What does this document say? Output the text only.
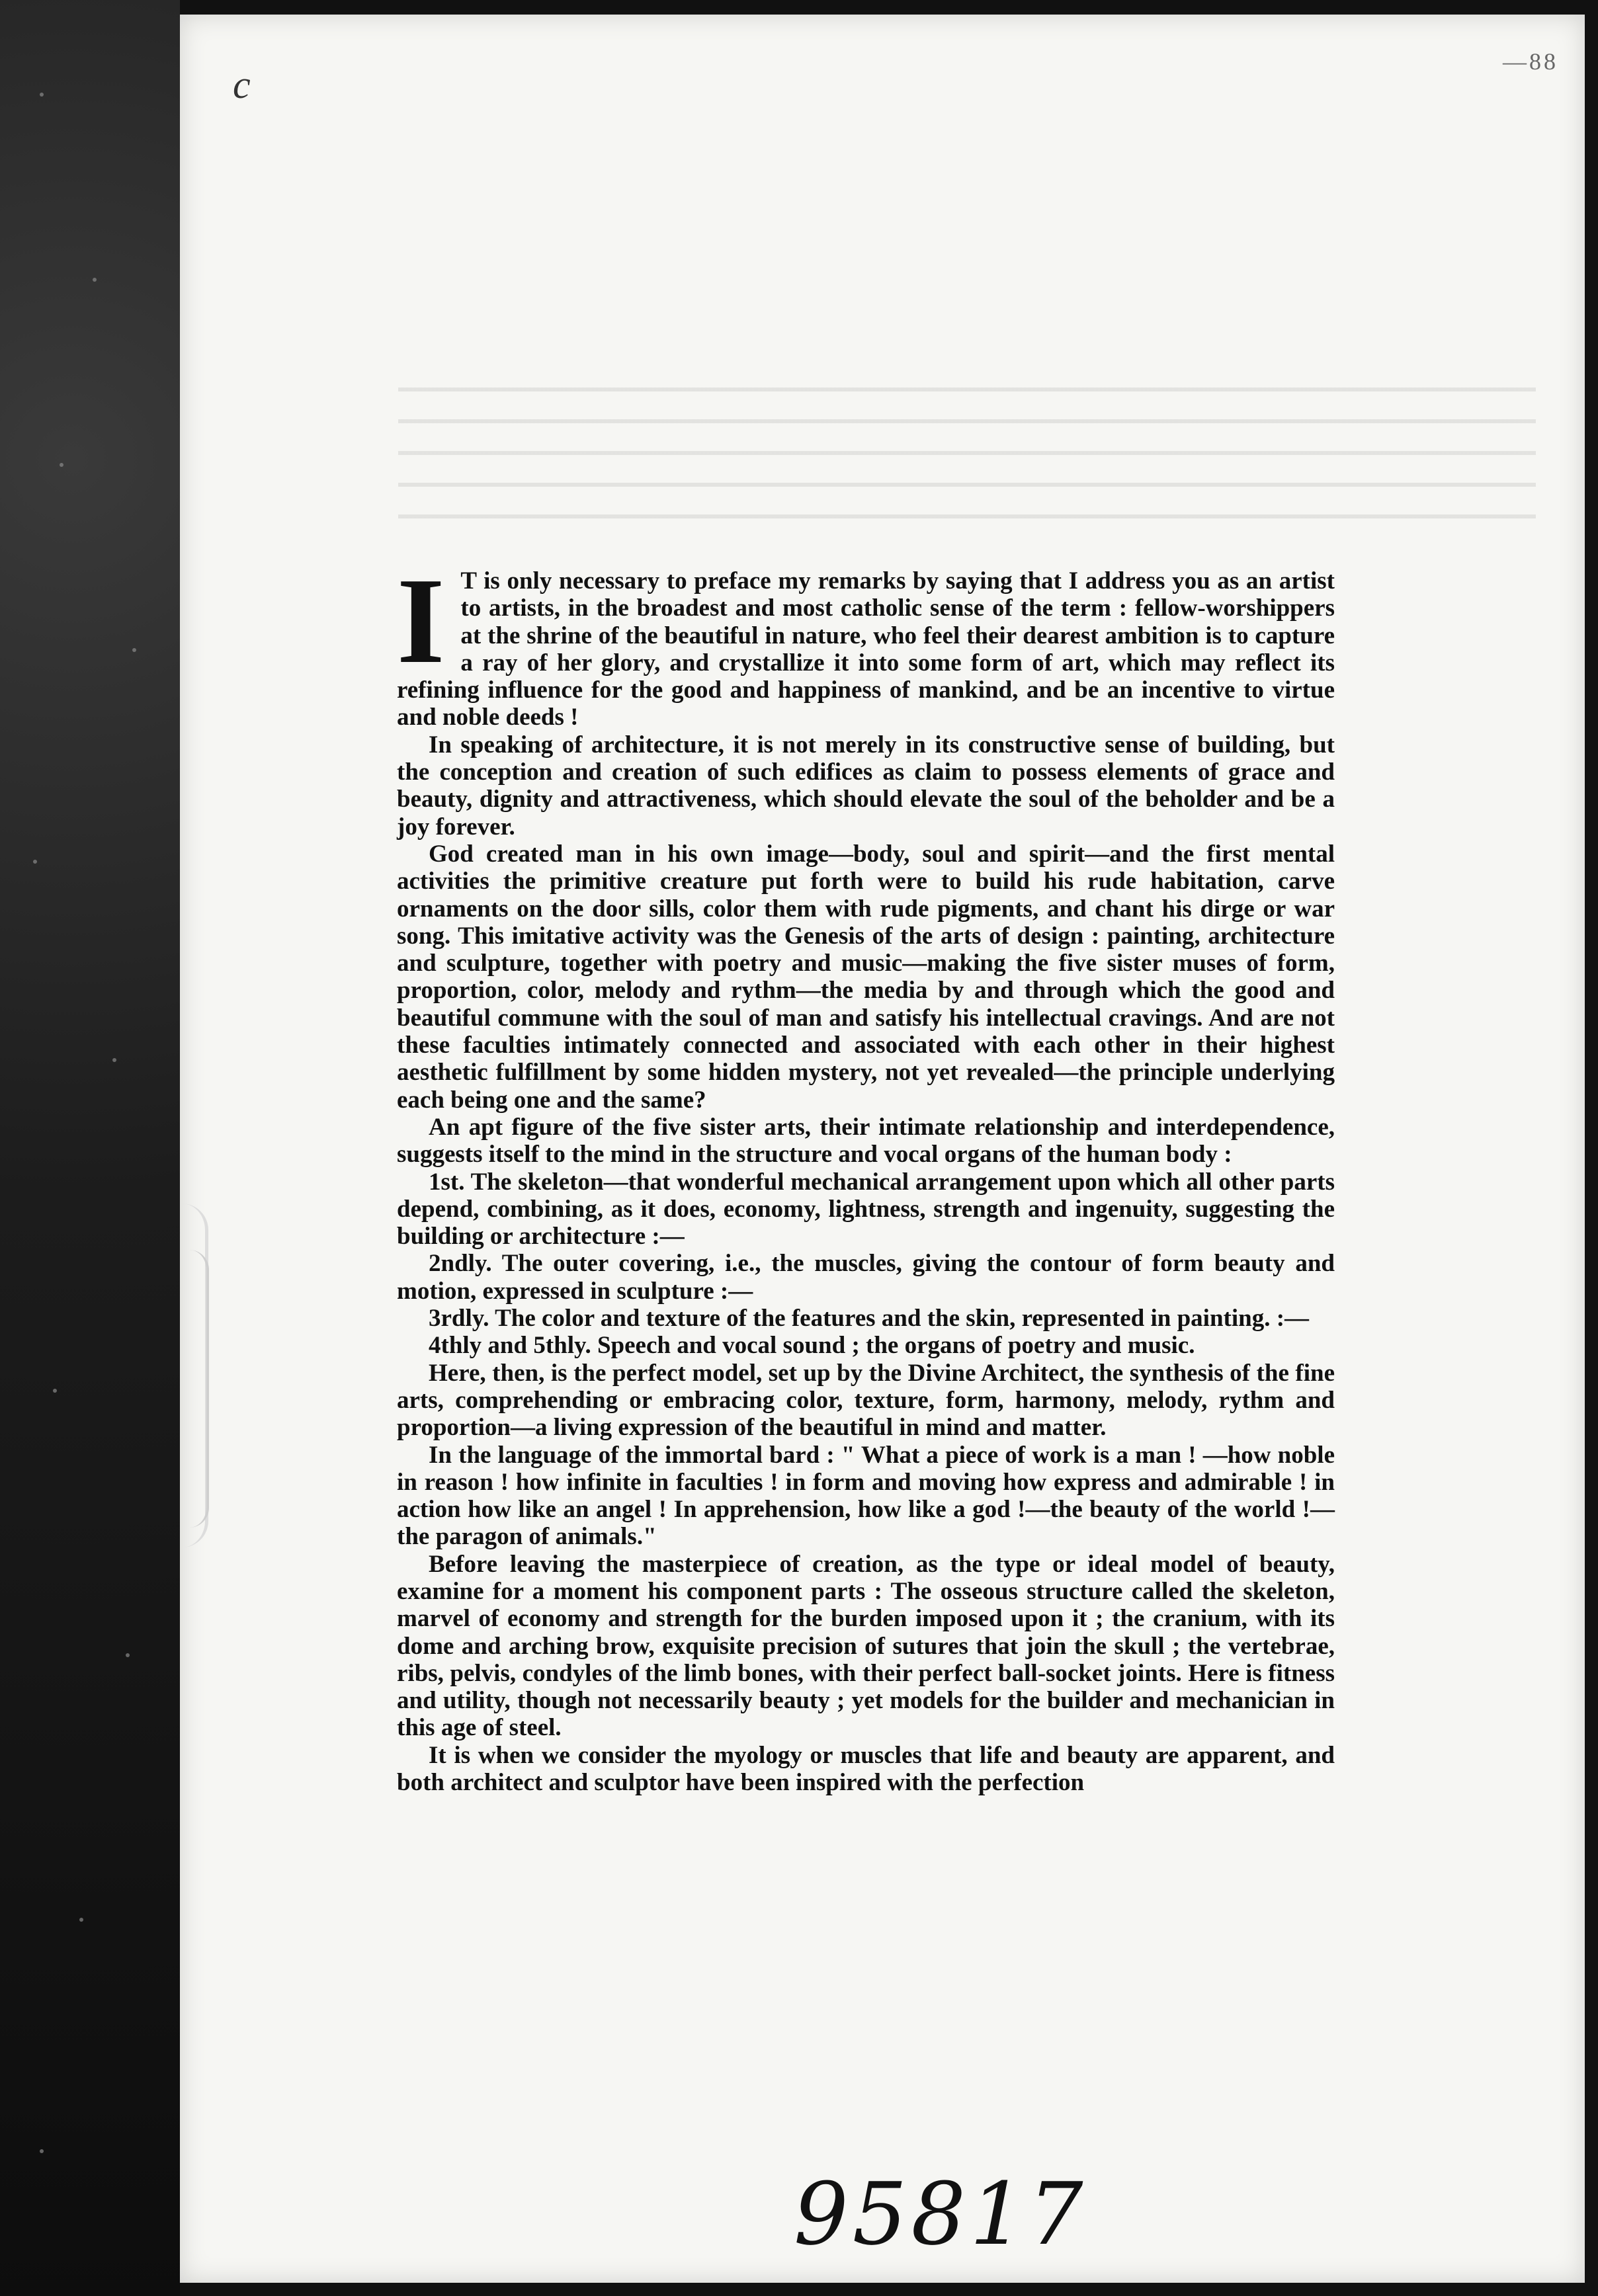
c
—88

I T is only necessary to preface my remarks by saying that I address you as an artist to artists, in the broadest and most catholic sense of the term : fellow-worshippers at the shrine of the beautiful in nature, who feel their dearest ambition is to capture a ray of her glory, and crystallize it into some form of art, which may reflect its refining influence for the good and happiness of mankind, and be an incentive to virtue and noble deeds !

In speaking of architecture, it is not merely in its constructive sense of building, but the conception and creation of such edifices as claim to possess elements of grace and beauty, dignity and attractiveness, which should elevate the soul of the beholder and be a joy forever.

God created man in his own image—body, soul and spirit—and the first mental activities the primitive creature put forth were to build his rude habitation, carve ornaments on the door sills, color them with rude pigments, and chant his dirge or war song. This imitative activity was the Genesis of the arts of design : painting, architecture and sculpture, together with poetry and music—making the five sister muses of form, proportion, color, melody and rythm—the media by and through which the good and beautiful commune with the soul of man and satisfy his intellectual cravings. And are not these faculties intimately connected and associated with each other in their highest aesthetic fulfillment by some hidden mystery, not yet revealed—the principle underlying each being one and the same?

An apt figure of the five sister arts, their intimate relationship and interdependence, suggests itself to the mind in the structure and vocal organs of the human body :

1st. The skeleton—that wonderful mechanical arrangement upon which all other parts depend, combining, as it does, economy, lightness, strength and ingenuity, suggesting the building or architecture :—

2ndly. The outer covering, i.e., the muscles, giving the contour of form beauty and motion, expressed in sculpture :—

3rdly. The color and texture of the features and the skin, represented in painting. :—

4thly and 5thly. Speech and vocal sound ; the organs of poetry and music.

Here, then, is the perfect model, set up by the Divine Architect, the synthesis of the fine arts, comprehending or embracing color, texture, form, harmony, melody, rythm and proportion—a living expression of the beautiful in mind and matter.

In the language of the immortal bard : " What a piece of work is a man ! —how noble in reason ! how infinite in faculties ! in form and moving how express and admirable ! in action how like an angel ! In apprehension, how like a god !—the beauty of the world !—the paragon of animals."

Before leaving the masterpiece of creation, as the type or ideal model of beauty, examine for a moment his component parts : The osseous structure called the skeleton, marvel of economy and strength for the burden imposed upon it ; the cranium, with its dome and arching brow, exquisite precision of sutures that join the skull ; the vertebrae, ribs, pelvis, condyles of the limb bones, with their perfect ball-socket joints. Here is fitness and utility, though not necessarily beauty ; yet models for the builder and mechanician in this age of steel.

It is when we consider the myology or muscles that life and beauty are apparent, and both architect and sculptor have been inspired with the perfection

95817
